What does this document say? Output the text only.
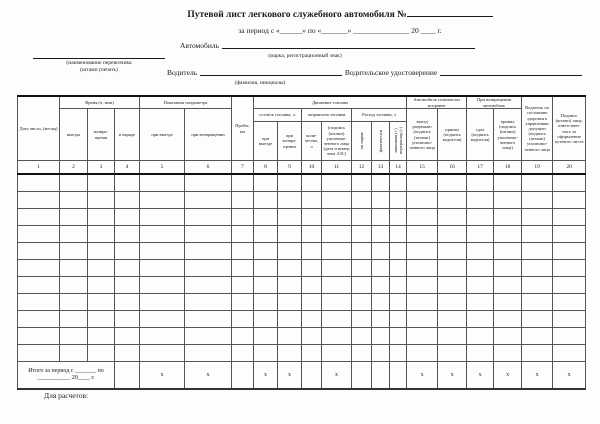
Путевой лист легкового служебного автомобиля №
за период с «______» по «_______» _______________ 20 ____ г.
Автомобиль
(марка, регистрационный знак)
(наименование перевозчика
(штамп (печать)	Водитель	Водительское удостоверение
(фамилия, инициалы)
Дата число, (месяц)	Время (ч, мин)			Показания спидометра		Пробег, км	Движение топлива							Автомобиль технически исправен		При возвращении автомобиль		Водитель по состоянию здоровья к управлению допущен (подпись (штамп) уполномо-ченного лица	Подпись (штамп) лица, ответствен-ного за оформление путевого листа
	выезда	возвра-щения	в наряде	при выезде	при возвращении		остаток топлива, л.		заправлено топлива		Расход топлива, л			выезд разрешаю (подпись (штамп) уполномо-ченного лица	принял (подпись водителя)	сдал (подпись водителя)	принял (подпись (штамп) уполномо-ченного лица)		
							при выезде	при возвра-щении	коли-чество, л	(подпись (штамп) уполномо-ченного лица (дата и номер чека АЗС)	по норме	фактически	экономия (+) перерасход (-)						

1	2	3	4	5	6	7	8	9	10	11	12	13	14	15	16	17	18	19	20

Итого за период с _______ по ___________ 20____ г.				x	x		x	x		x				x	x	x	x	x	x
Для расчетов:
